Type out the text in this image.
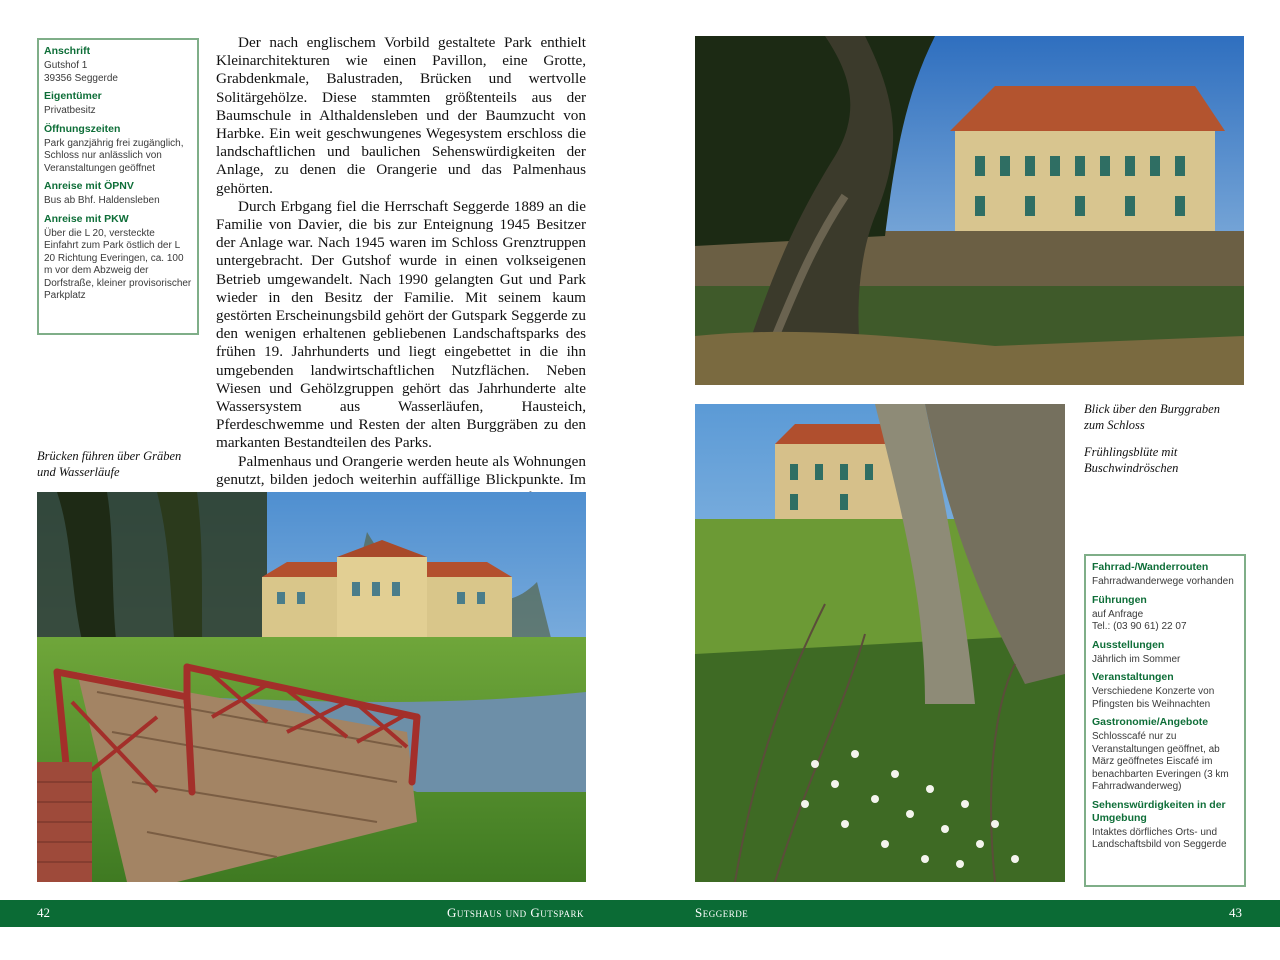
Anschrift
Gutshof 1
39356 Seggerde
Eigentümer
Privatbesitz
Öffnungszeiten
Park ganzjährig frei zugänglich, Schloss nur anlässlich von Veranstaltungen geöffnet
Anreise mit ÖPNV
Bus ab Bhf. Haldensleben
Anreise mit PKW
Über die L 20, versteckte Einfahrt zum Park östlich der L 20 Richtung Everingen, ca. 100 m vor dem Abzweig der Dorfstraße, kleiner provisorischer Parkplatz

Der nach englischem Vorbild gestaltete Park enthielt Kleinarchitekturen wie einen Pavillon, eine Grotte, Grabdenkmale, Balustraden, Brücken und wertvolle Solitärgehölze. Diese stammten größtenteils aus der Baumschule in Althaldensleben und der Baumzucht von Harbke. Ein weit geschwungenes Wegesystem erschloss die landschaftlichen und baulichen Sehenswürdigkeiten der Anlage, zu denen die Orangerie und das Palmenhaus gehörten.

Durch Erbgang fiel die Herrschaft Seggerde 1889 an die Familie von Davier, die bis zur Enteignung 1945 Besitzer der Anlage war. Nach 1945 waren im Schloss Grenztruppen untergebracht. Der Gutshof wurde in einen volkseigenen Betrieb umgewandelt. Nach 1990 gelangten Gut und Park wieder in den Besitz der Familie. Mit seinem kaum gestörten Erscheinungsbild gehört der Gutspark Seggerde zu den wenigen erhaltenen gebliebenen Landschaftsparks des frühen 19. Jahrhunderts und liegt eingebettet in die ihn umgebenden landwirtschaftlichen Nutzflächen. Neben Wiesen und Gehölzgruppen gehört das Jahrhunderte alte Wassersystem aus Wasserläufen, Hausteich, Pferdeschwemme und Resten der alten Burggräben zu den markanten Bestandteilen des Parks.

Palmenhaus und Orangerie werden heute als Wohnungen genutzt, bilden jedoch weiterhin auffällige Blickpunkte. Im

Brücken führen über Gräben und Wasserläufe
42	Gutshaus und Gutspark
Blick über den Burggraben zum Schloss
Frühlingsblüte mit Buschwindröschen
Fahrrad-/Wanderrouten
Fahrradwanderwege vorhanden
Führungen
auf Anfrage
Tel.: (03 90 61) 22 07
Ausstellungen
Jährlich im Sommer
Veranstaltungen
Verschiedene Konzerte von Pfingsten bis Weihnachten
Gastronomie/Angebote
Schlosscafé nur zu Veranstaltungen geöffnet, ab März geöffnetes Eiscafé im benachbarten Everingen (3 km Fahrradwanderweg)
Sehenswürdigkeiten in der Umgebung
Intaktes dörfliches Orts- und Landschaftsbild von Seggerde
Seggerde	43
